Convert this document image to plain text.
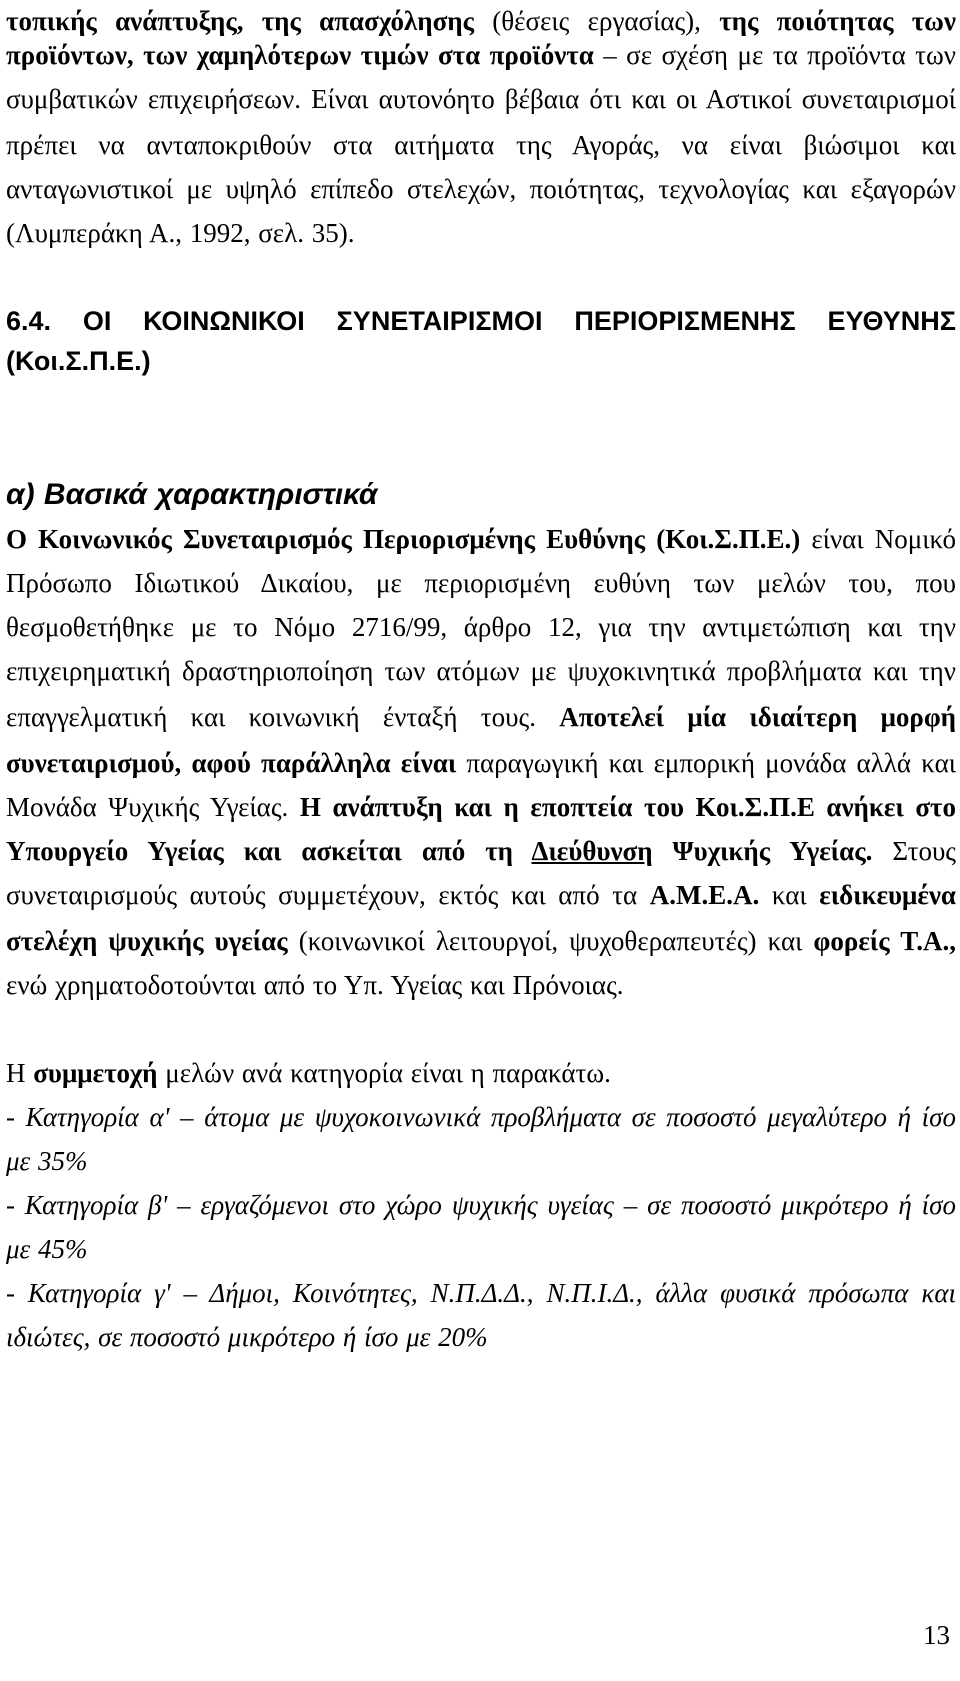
τοπικής ανάπτυξης, της απασχόλησης (θέσεις εργασίας), της ποιότητας των
προϊόντων, των χαμηλότερων τιμών στα προϊόντα – σε σχέση με τα προϊόντα των
συμβατικών επιχειρήσεων. Είναι αυτονόητο βέβαια ότι και οι Αστικοί συνεταιρισμοί
πρέπει να ανταποκριθούν στα αιτήματα της Αγοράς, να είναι βιώσιμοι και
ανταγωνιστικοί με υψηλό επίπεδο στελεχών, ποιότητας, τεχνολογίας και εξαγορών
(Λυμπεράκη Α., 1992, σελ. 35).
6.4. ΟΙ ΚΟΙΝΩΝΙΚΟΙ ΣΥΝΕΤΑΙΡΙΣΜΟΙ ΠΕΡΙΟΡΙΣΜΕΝΗΣ ΕΥΘΥΝΗΣ
(Κοι.Σ.Π.Ε.)
α) Βασικά χαρακτηριστικά
Ο Κοινωνικός Συνεταιρισμός Περιορισμένης Ευθύνης (Κοι.Σ.Π.Ε.) είναι Νομικό
Πρόσωπο Ιδιωτικού Δικαίου, με περιορισμένη ευθύνη των μελών του, που
θεσμοθετήθηκε με το Νόμο 2716/99, άρθρο 12, για την αντιμετώπιση και την
επιχειρηματική δραστηριοποίηση των ατόμων με ψυχοκινητικά προβλήματα και την
επαγγελματική και κοινωνική ένταξή τους. Αποτελεί μία ιδιαίτερη μορφή
συνεταιρισμού, αφού παράλληλα είναι παραγωγική και εμπορική μονάδα αλλά και
Μονάδα Ψυχικής Υγείας. Η ανάπτυξη και η εποπτεία του Κοι.Σ.Π.Ε ανήκει στο
Υπουργείο Υγείας και ασκείται από τη Διεύθυνση Ψυχικής Υγείας. Στους
συνεταιρισμούς αυτούς συμμετέχουν, εκτός και από τα Α.Μ.Ε.Α. και ειδικευμένα
στελέχη ψυχικής υγείας (κοινωνικοί λειτουργοί, ψυχοθεραπευτές) και φορείς Τ.Α.,
ενώ χρηματοδοτούνται από το Υπ. Υγείας και Πρόνοιας.
Η συμμετοχή μελών ανά κατηγορία είναι η παρακάτω.
- Κατηγορία α' – άτομα με ψυχοκοινωνικά προβλήματα σε ποσοστό μεγαλύτερο ή ίσο
με 35%
- Κατηγορία β' – εργαζόμενοι στο χώρο ψυχικής υγείας – σε ποσοστό μικρότερο ή ίσο
με 45%
- Κατηγορία γ' – Δήμοι, Κοινότητες, Ν.Π.Δ.Δ., Ν.Π.Ι.Δ., άλλα φυσικά πρόσωπα και
ιδιώτες, σε ποσοστό μικρότερο ή ίσο με 20%
13
